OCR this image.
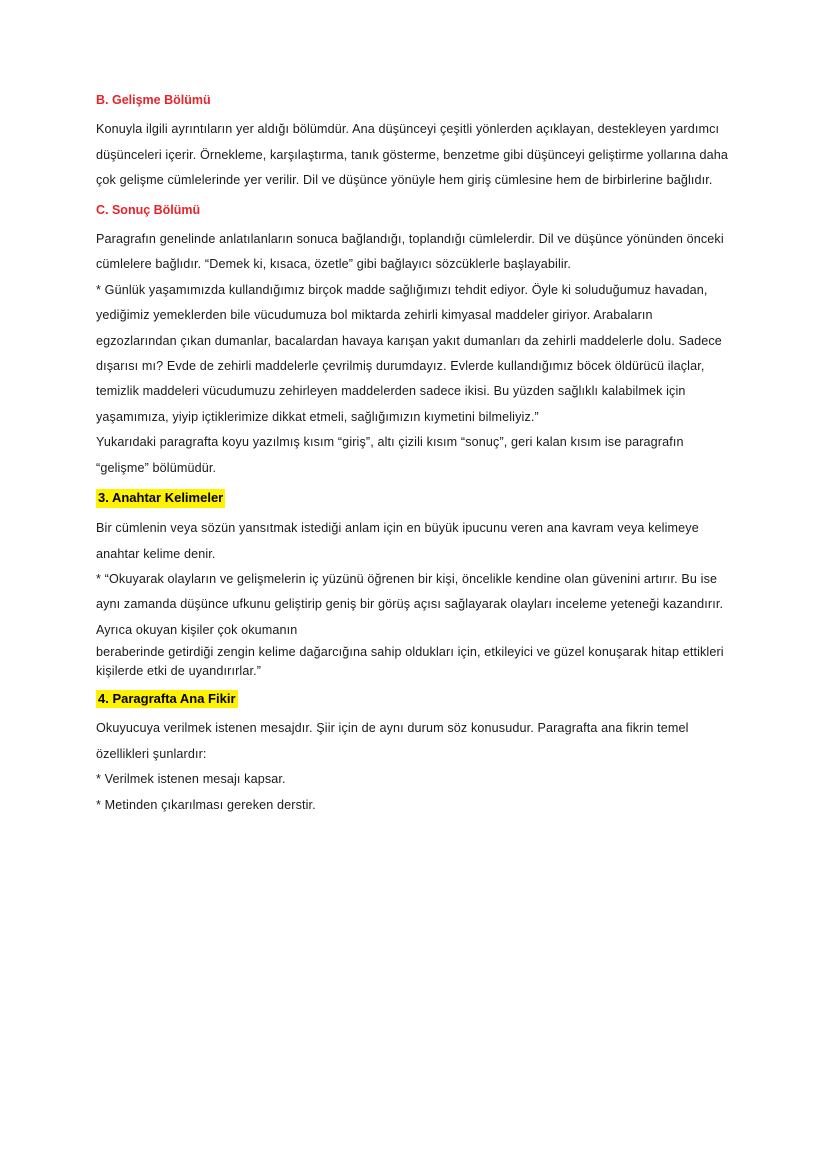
B. Gelişme Bölümü

Konuyla ilgili ayrıntıların yer aldığı bölümdür. Ana düşünceyi çeşitli yönlerden açıklayan, destekleyen yardımcı düşünceleri içerir. Örnekleme, karşılaştırma, tanık gösterme, benzetme gibi düşünceyi geliştirme yollarına daha çok gelişme cümlelerinde yer verilir. Dil ve düşünce yönüyle hem giriş cümlesine hem de birbirlerine bağlıdır.

C. Sonuç Bölümü

Paragrafın genelinde anlatılanların sonuca bağlandığı, toplandığı cümlelerdir. Dil ve düşünce yönünden önceki cümlelere bağlıdır. “Demek ki, kısaca, özetle” gibi bağlayıcı sözcüklerle başlayabilir.

* Günlük yaşamımızda kullandığımız birçok madde sağlığımızı tehdit ediyor. Öyle ki soluduğumuz havadan, yediğimiz yemeklerden bile vücudumuza bol miktarda zehirli kimyasal maddeler giriyor. Arabaların egzozlarından çıkan dumanlar, bacalardan havaya karışan yakıt dumanları da zehirli maddelerle dolu. Sadece dışarısı mı? Evde de zehirli maddelerle çevrilmiş durumdayız. Evlerde kullandığımız böcek öldürücü ilaçlar, temizlik maddeleri vücudumuzu zehirleyen maddelerden sadece ikisi. Bu yüzden sağlıklı kalabilmek için yaşamımıza, yiyip içtiklerimize dikkat etmeli, sağlığımızın kıymetini bilmeliyiz.”

Yukarıdaki paragrafta koyu yazılmış kısım “giriş”, altı çizili kısım “sonuç”, geri kalan kısım ise paragrafın “gelişme” bölümüdür.

3. Anahtar Kelimeler

Bir cümlenin veya sözün yansıtmak istediği anlam için en büyük ipucunu veren ana kavram veya kelimeye anahtar kelime denir.

* “Okuyarak olayların ve gelişmelerin iç yüzünü öğrenen bir kişi, öncelikle kendine olan güvenini artırır. Bu ise aynı zamanda düşünce ufkunu geliştirip geniş bir görüş açısı sağlayarak olayları inceleme yeteneği kazandırır. Ayrıca okuyan kişiler çok okumanın

beraberinde getirdiği zengin kelime dağarcığına sahip oldukları için, etkileyici ve güzel konuşarak hitap ettikleri kişilerde etki de uyandırırlar.”

4. Paragrafta Ana Fikir

Okuyucuya verilmek istenen mesajdır. Şiir için de aynı durum söz konusudur. Paragrafta ana fikrin temel özellikleri şunlardır:

* Verilmek istenen mesajı kapsar.

* Metinden çıkarılması gereken derstir.
